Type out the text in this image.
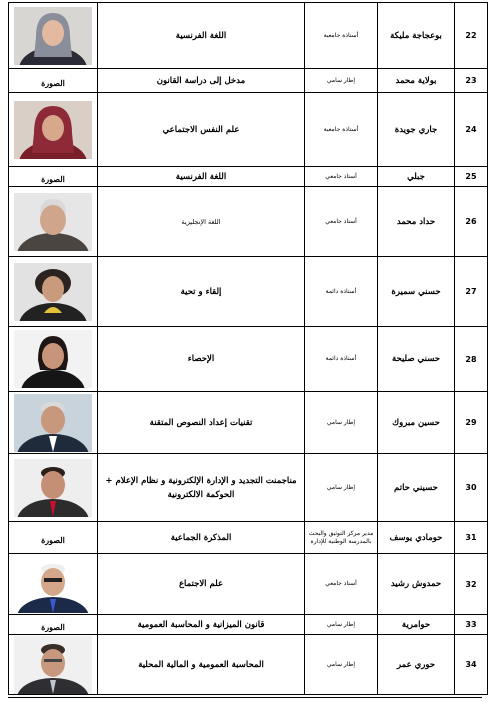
22	بوعجاجة مليكة	أستاذة جامعية	اللغة الفرنسية	

23	بولاية محمد	إطار سامي	مدخل إلى دراسة القانون	الصورة
24	جاري جويدة	أستاذة جامعية	علم النفس الاجتماعي	

25	جبلي	أستاذ جامعي	اللغة الفرنسية	الصورة
26	حداد محمد	أستاذ جامعي	اللغة الإنجليزية	

27	حسني سميرة	أستاذة دائمة	إلقاء و تحية	

28	حسني صليحة	أستاذة دائمة	الإحصاء	

29	حسين مبروك	إطار سامي	تقنيات إعداد النصوص المتقنة	

30	حسيني حاتم	إطار سامي	مناجمنت التجديد و الإدارة الإلكترونية و نظام الإعلام + الحوكمة الالكترونية	

31	حومادي يوسف	مدير مركز التوثيق والبحث بالمدرسة الوطنية للإدارة	المذكرة الجماعية	الصورة
32	حمدوش رشيد	أستاذ جامعي	علم الاجتماع	

33	حوامرية	إطار سامي	قانون الميزانية و المحاسبة العمومية	الصورة
34	حوري عمر	إطار سامي	المحاسبة العمومية و المالية المحلية	
